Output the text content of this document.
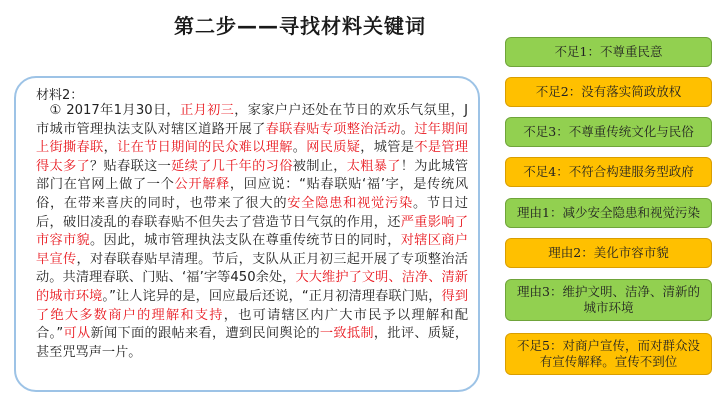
第二步——寻找材料关键词
材料2：
　① 2017年1月30日，正月初三，家家户户还处在节日的欢乐气氛里，J市城市管理执法支队对辖区道路开展了春联春贴专项整治活动。过年期间上街撕春联，让在节日期间的民众难以理解。网民质疑，城管是不是管理得太多了？贴春联这一延续了几千年的习俗被制止，太粗暴了！为此城管部门在官网上做了一个公开解释，回应说：“贴春联贴‘福’字，是传统风俗，在带来喜庆的同时，也带来了很大的安全隐患和视觉污染。节日过后，破旧凌乱的春联春贴不但失去了营造节日气氛的作用，还严重影响了市容市貌。因此，城市管理执法支队在尊重传统节日的同时，对辖区商户早宣传，对春联春贴早清理。节后，支队从正月初三起开展了专项整治活动。共清理春联、门贴、‘福’字等450余处，大大维护了文明、洁净、清新的城市环境。”让人诧异的是，回应最后还说，“正月初清理春联门贴，得到了绝大多数商户的理解和支持，也可请辖区内广大市民予以理解和配合。”可从新闻下面的跟帖来看，遭到民间舆论的一致抵制，批评、质疑，甚至咒骂声一片。
不足1：不尊重民意
不足2：没有落实简政放权
不足3：不尊重传统文化与民俗
不足4：不符合构建服务型政府
理由1：减少安全隐患和视觉污染
理由2：美化市容市貌
理由3：维护文明、洁净、清新的城市环境
不足5：对商户宣传，而对群众没有宣传解释。宣传不到位
